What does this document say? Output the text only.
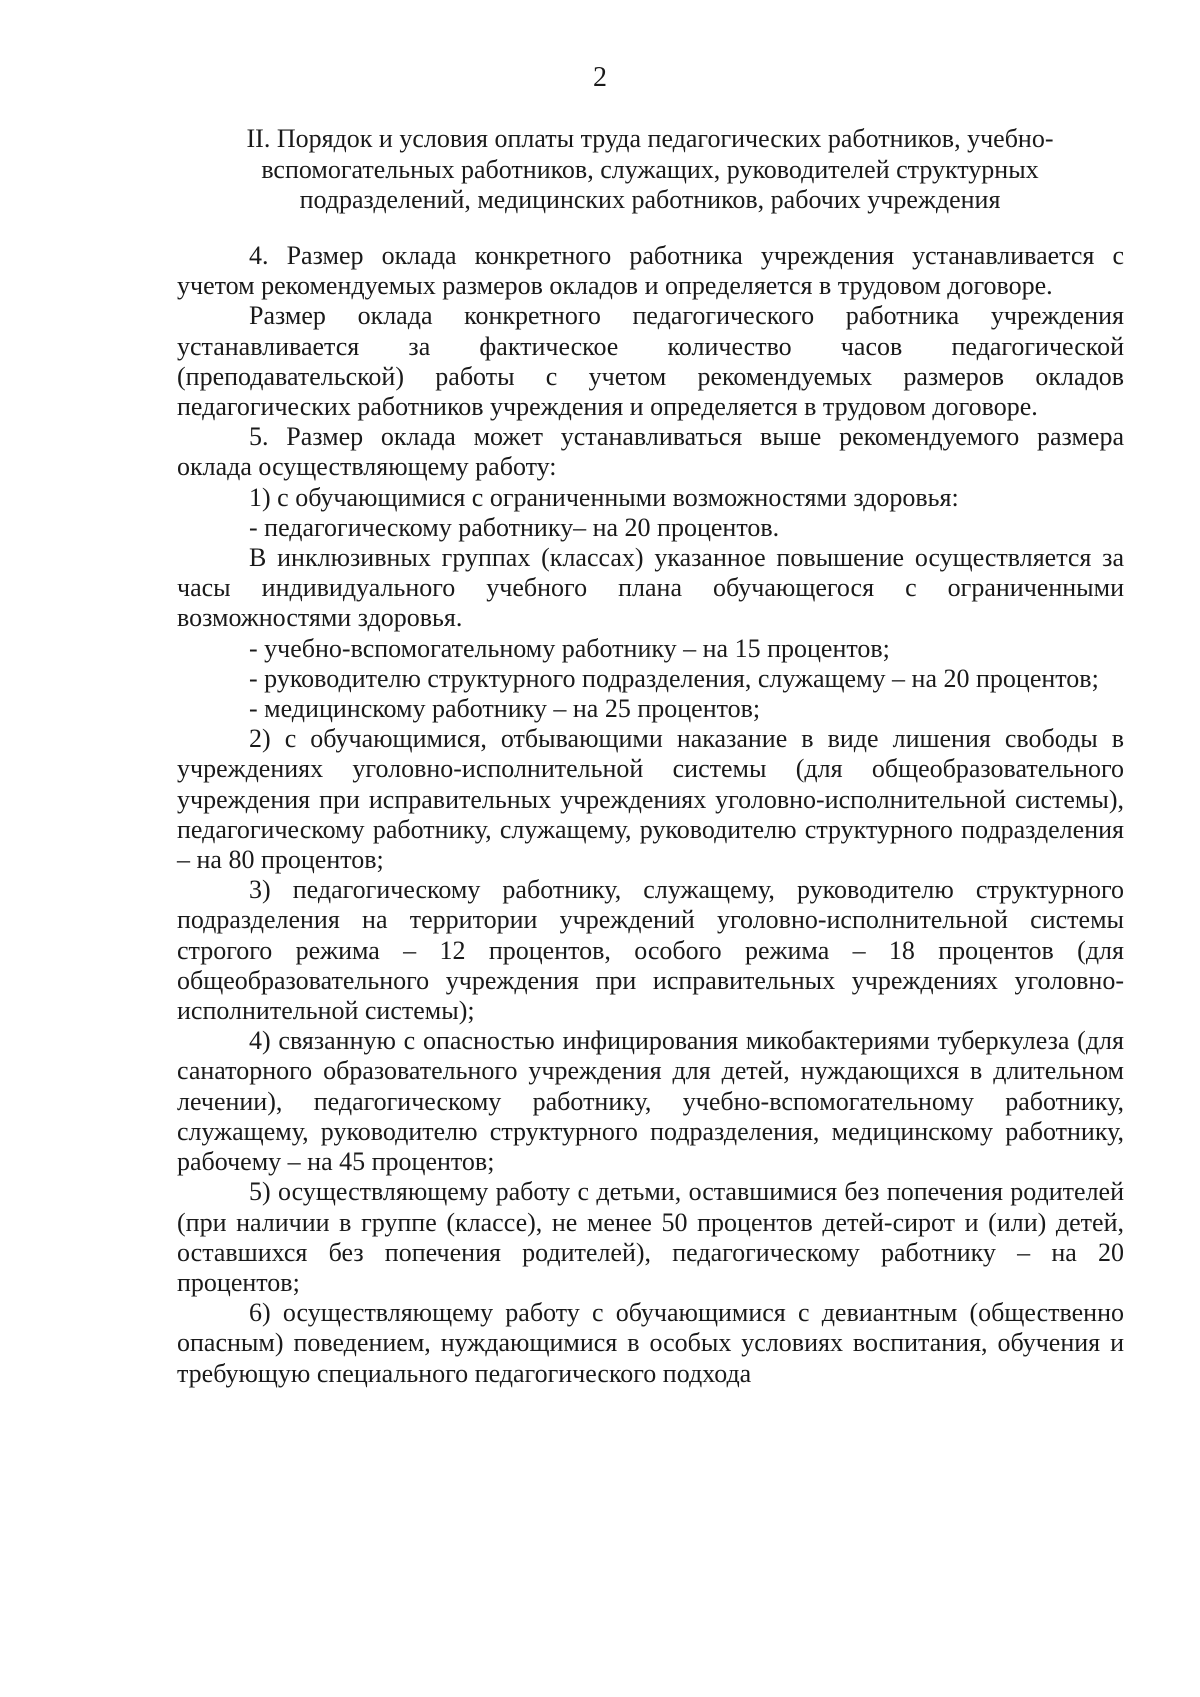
2
II. Порядок и условия оплаты труда педагогических работников, учебно-вспомогательных работников, служащих, руководителей структурных подразделений, медицинских работников, рабочих учреждения

4. Размер оклада конкретного работника учреждения устанавливается с учетом рекомендуемых размеров окладов и определяется в трудовом договоре.

Размер оклада конкретного педагогического работника учреждения устанавливается за фактическое количество часов педагогической (преподавательской) работы с учетом рекомендуемых размеров окладов педагогических работников учреждения и определяется в трудовом договоре.

5. Размер оклада может устанавливаться выше рекомендуемого размера оклада осуществляющему работу:

1) с обучающимися с ограниченными возможностями здоровья:

- педагогическому работнику– на 20 процентов.

В инклюзивных группах (классах) указанное повышение осуществляется за часы индивидуального учебного плана обучающегося с ограниченными возможностями здоровья.

- учебно-вспомогательному работнику – на 15 процентов;

- руководителю структурного подразделения, служащему – на 20 процентов;

- медицинскому работнику – на 25 процентов;

2) с обучающимися, отбывающими наказание в виде лишения свободы в учреждениях уголовно-исполнительной системы (для общеобразовательного учреждения при исправительных учреждениях уголовно-исполнительной системы), педагогическому работнику, служащему, руководителю структурного подразделения – на 80 процентов;

3) педагогическому работнику, служащему, руководителю структурного подразделения на территории учреждений уголовно-исполнительной системы строгого режима – 12 процентов, особого режима – 18 процентов (для общеобразовательного учреждения при исправительных учреждениях уголовно-исполнительной системы);

4) связанную с опасностью инфицирования микобактериями туберкулеза (для санаторного образовательного учреждения для детей, нуждающихся в длительном лечении), педагогическому работнику, учебно-вспомогательному работнику, служащему, руководителю структурного подразделения, медицинскому работнику, рабочему – на 45 процентов;

5) осуществляющему работу с детьми, оставшимися без попечения родителей (при наличии в группе (классе), не менее 50 процентов детей-сирот и (или) детей, оставшихся без попечения родителей), педагогическому работнику – на 20 процентов;

6) осуществляющему работу с обучающимися с девиантным (общественно опасным) поведением, нуждающимися в особых условиях воспитания, обучения и требующую специального педагогического подхода
